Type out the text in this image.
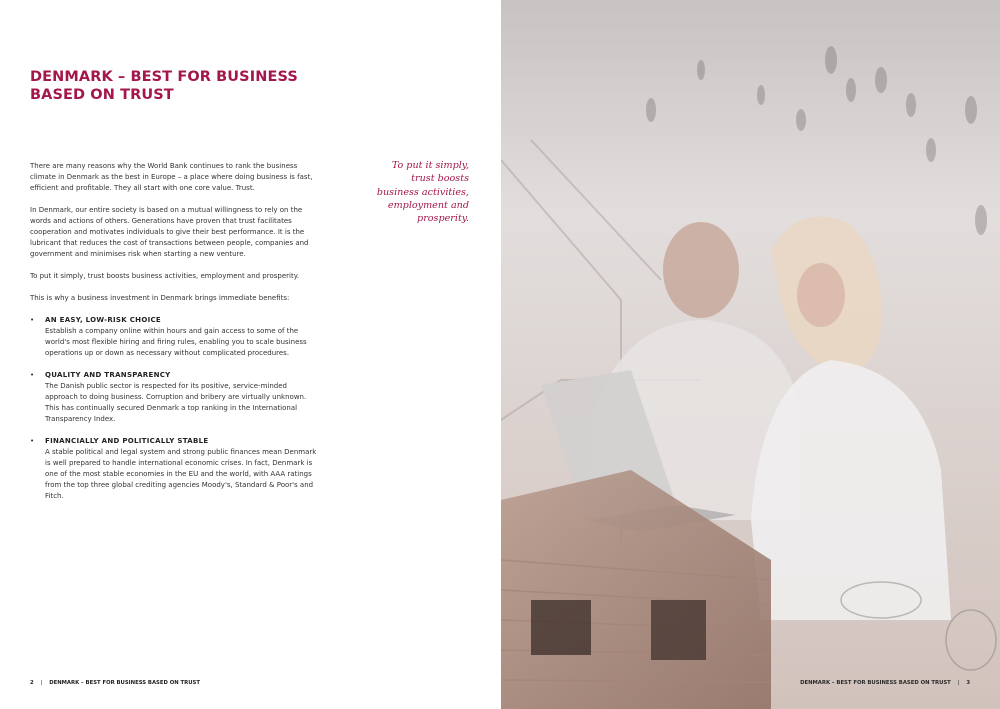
DENMARK – BEST FOR BUSINESS
BASED ON TRUST

There are many reasons why the World Bank continues to rank the business climate in Denmark as the best in Europe – a place where doing business is fast, efficient and profitable. They all start with one core value. Trust.

In Denmark, our entire society is based on a mutual willingness to rely on the words and actions of others. Generations have proven that trust facilitates cooperation and motivates individuals to give their best performance. It is the lubricant that reduces the cost of transactions between people, companies and government and minimises risk when starting a new venture.

To put it simply, trust boosts business activities, employment and prosperity.

This is why a business investment in Denmark brings immediate benefits:

• AN EASY, LOW-RISK CHOICE

Establish a company online within hours and gain access to some of the world's most flexible hiring and firing rules, enabling you to scale business operations up or down as necessary without complicated procedures.

• QUALITY AND TRANSPARENCY

The Danish public sector is respected for its positive, service-minded approach to doing business. Corruption and bribery are virtually unknown. This has continually secured Denmark a top ranking in the International Transparency Index.

• FINANCIALLY AND POLITICALLY STABLE

A stable political and legal system and strong public finances mean Denmark is well prepared to handle international economic crises. In fact, Denmark is one of the most stable economies in the EU and the world, with AAA ratings from the top three global crediting agencies Moody's, Standard & Poor's and Fitch.

To put it simply,
trust boosts
business activities,
employment and
prosperity.

2 | DENMARK – BEST FOR BUSINESS BASED ON TRUST	DENMARK – BEST FOR BUSINESS BASED ON TRUST | 3
